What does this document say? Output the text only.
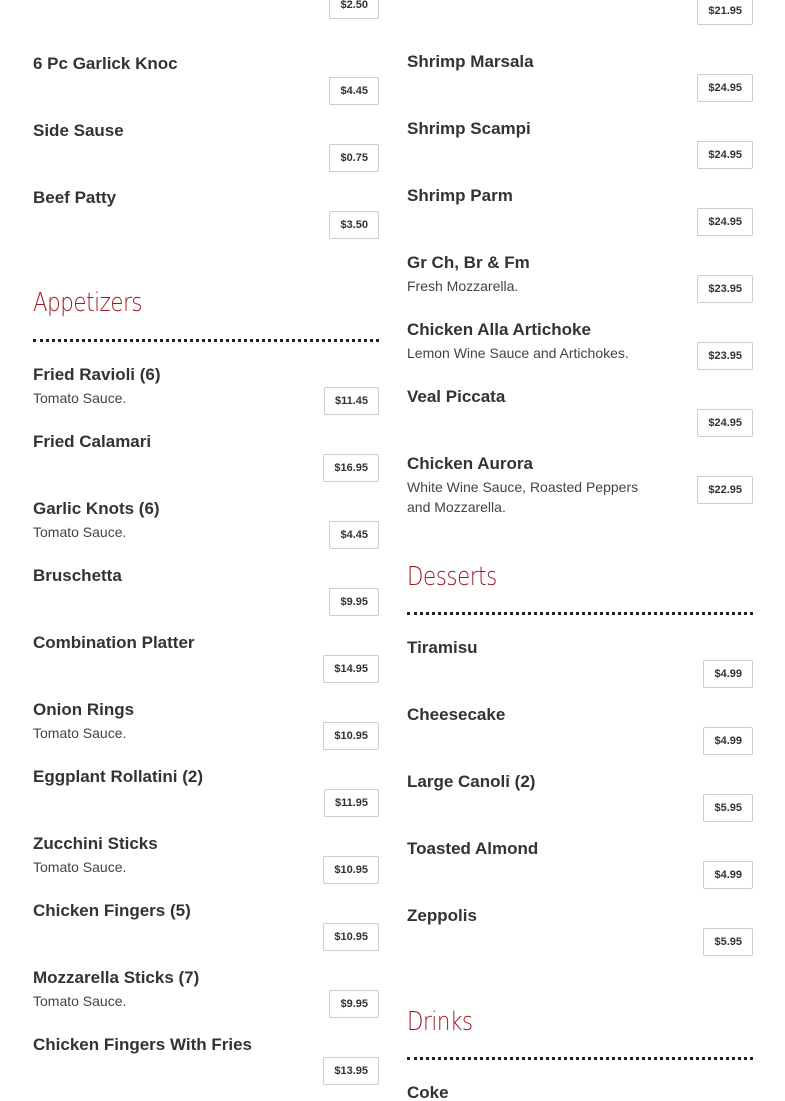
$2.50
6 Pc Garlick Knoc
$4.45
Side Sause
$0.75
Beef Patty
$3.50
Appetizers
Fried Ravioli (6)
Tomato Sauce.	$11.45
Fried Calamari
$16.95
Garlic Knots (6)
Tomato Sauce.	$4.45
Bruschetta
$9.95
Combination Platter
$14.95
Onion Rings
Tomato Sauce.	$10.95
Eggplant Rollatini (2)
$11.95
Zucchini Sticks
Tomato Sauce.	$10.95
Chicken Fingers (5)
$10.95
Mozzarella Sticks (7)
Tomato Sauce.	$9.95
Chicken Fingers With Fries
$13.95
$21.95
Shrimp Marsala
$24.95
Shrimp Scampi
$24.95
Shrimp Parm
$24.95
Gr Ch, Br & Fm
Fresh Mozzarella.	$23.95
Chicken Alla Artichoke
Lemon Wine Sauce and Artichokes.	$23.95
Veal Piccata
$24.95
Chicken Aurora
White Wine Sauce, Roasted Peppers and Mozzarella.
$22.95
Desserts
Tiramisu
$4.99
Cheesecake
$4.99
Large Canoli (2)
$5.95
Toasted Almond
$4.99
Zeppolis
$5.95
Drinks
Coke
